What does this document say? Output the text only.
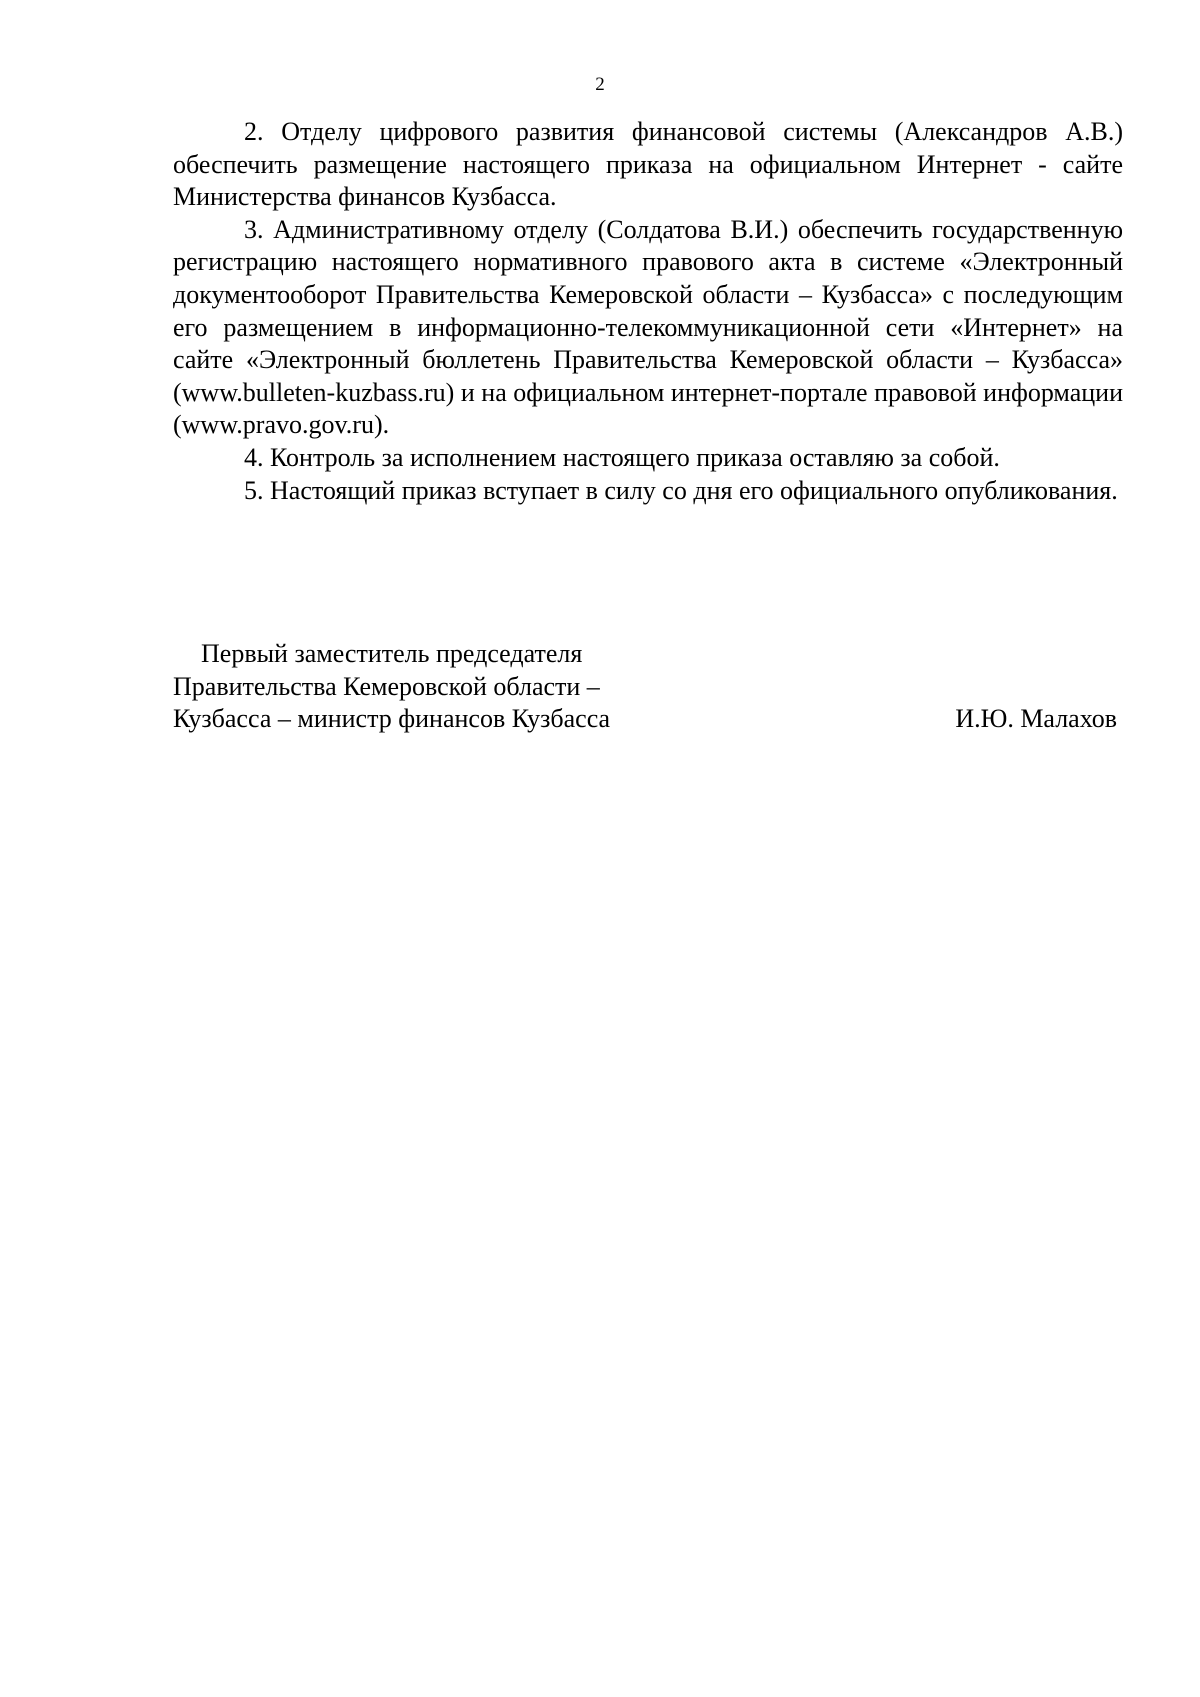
2

2. Отделу цифрового развития финансовой системы (Александров А.В.) обеспечить размещение настоящего приказа на официальном Интернет - сайте Министерства финансов Кузбасса.

3. Административному отделу (Солдатова В.И.) обеспечить государственную регистрацию настоящего нормативного правового акта в системе «Электронный документооборот Правительства Кемеровской области – Кузбасса» с последующим его размещением в информационно-телекоммуникационной сети «Интернет» на сайте «Электронный бюллетень Правительства Кемеровской области – Кузбасса» (www.bulleten-kuzbass.ru) и на официальном интернет-портале правовой информации (www.pravo.gov.ru).

4. Контроль за исполнением настоящего приказа оставляю за собой.

5. Настоящий приказ вступает в силу со дня его официального опубликования.

Первый заместитель председателя
Правительства Кемеровской области –
Кузбасса – министр финансов Кузбасса	И.Ю. Малахов
